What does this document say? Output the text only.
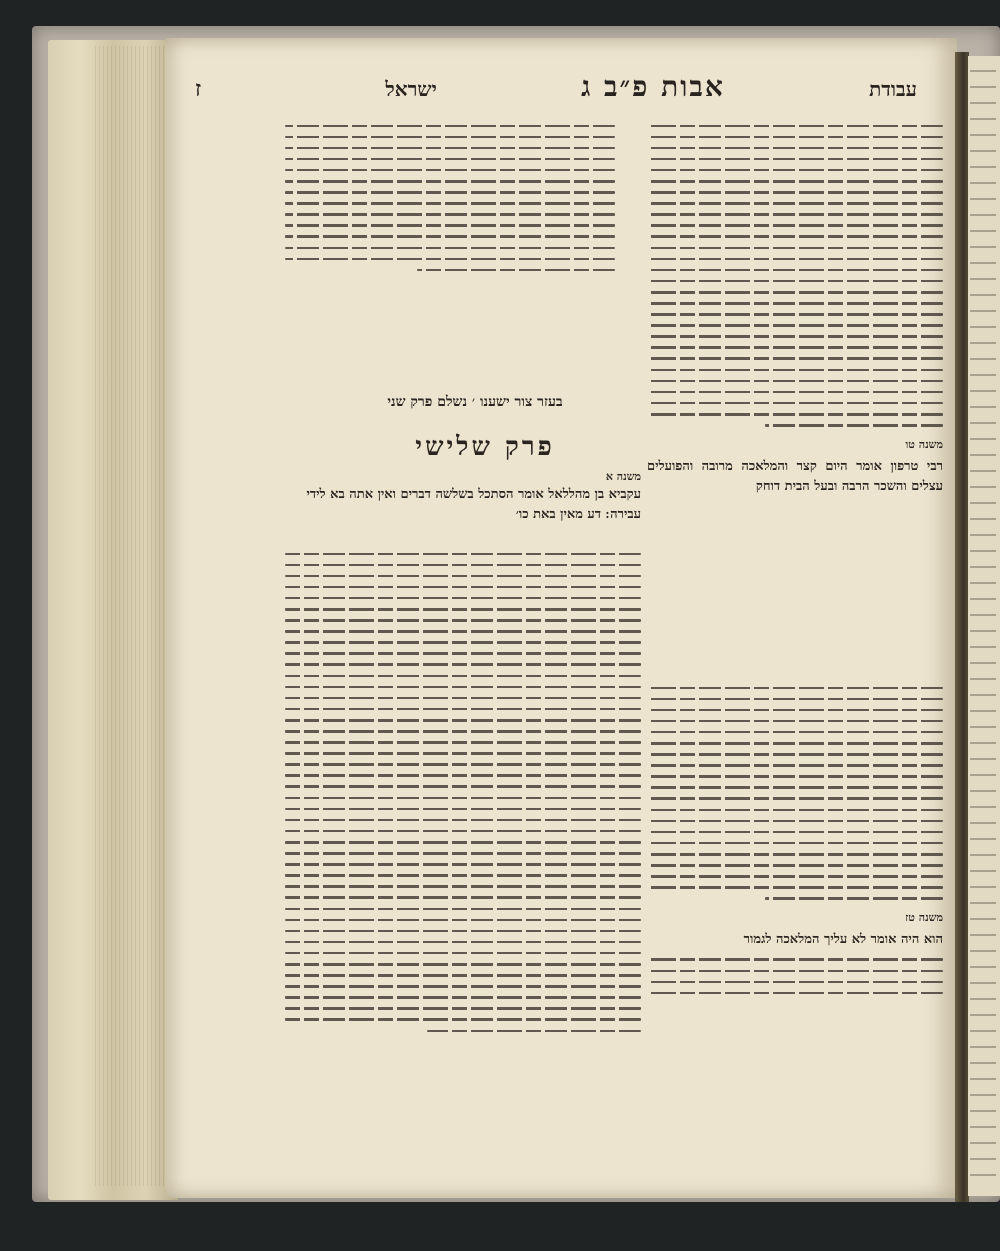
עבודת
אבות פ״ב ג
ישראל
ז
משנה טו
רבי טרפון אומר היום קצר והמלאכה מרובה והפועלים עצלים והשכר הרבה ובעל הבית דוחק
משנה טז
הוא היה אומר לא עליך המלאכה לגמור
בעזר צור ישענו ׳ נשלם פרק שני
פרק שלישי
משנה א
עקביא בן מהללאל אומר הסתכל בשלשה דברים ואין אתה בא לידי עבירה ׃ דע מאין באת כו׳
